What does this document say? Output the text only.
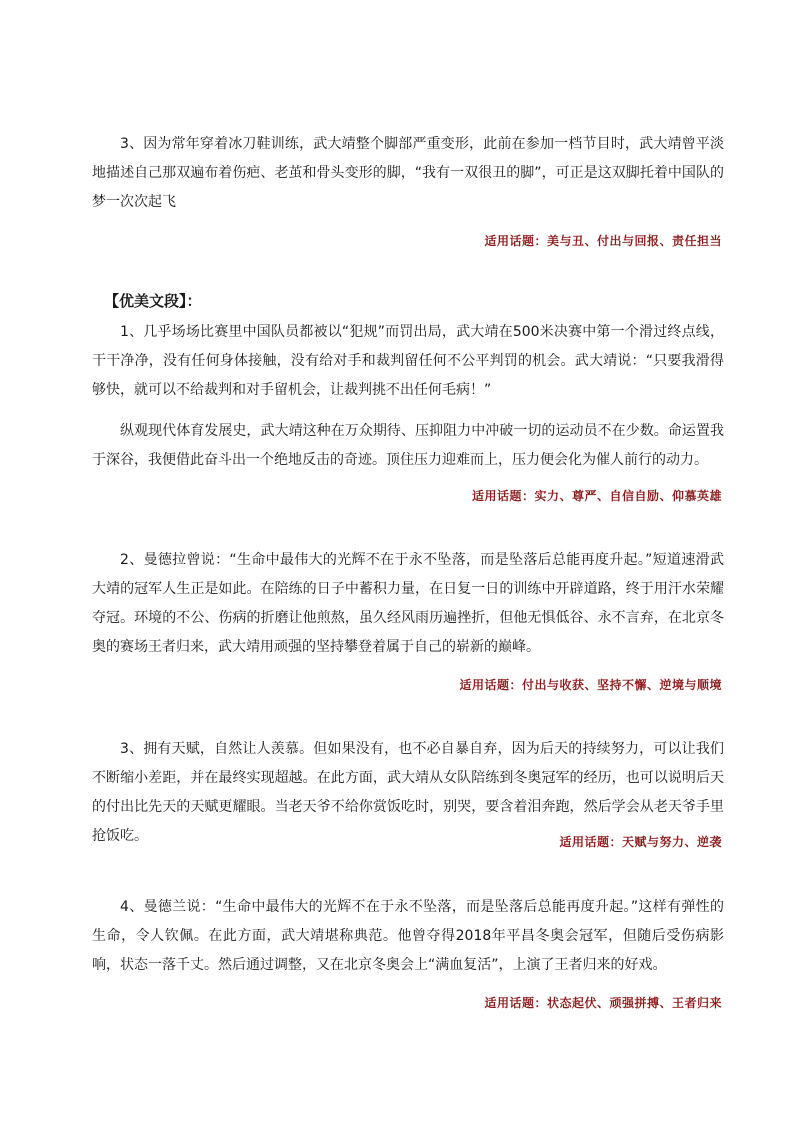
3、因为常年穿着冰刀鞋训练，武大靖整个脚部严重变形，此前在参加一档节目时，武大靖曾平淡地描述自己那双遍布着伤疤、老茧和骨头变形的脚，“我有一双很丑的脚”，可正是这双脚托着中国队的梦一次次起飞

适用话题：美与丑、付出与回报、责任担当
【优美文段】：

1、几乎场场比赛里中国队员都被以“犯规”而罚出局，武大靖在500米决赛中第一个滑过终点线，干干净净，没有任何身体接触，没有给对手和裁判留任何不公平判罚的机会。武大靖说：“只要我滑得够快，就可以不给裁判和对手留机会，让裁判挑不出任何毛病！”

纵观现代体育发展史，武大靖这种在万众期待、压抑阻力中冲破一切的运动员不在少数。命运置我于深谷，我便借此奋斗出一个绝地反击的奇迹。顶住压力迎难而上，压力便会化为催人前行的动力。

适用话题：实力、尊严、自信自励、仰慕英雄

2、曼德拉曾说：“生命中最伟大的光辉不在于永不坠落，而是坠落后总能再度升起。”短道速滑武大靖的冠军人生正是如此。在陪练的日子中蓄积力量，在日复一日的训练中开辟道路，终于用汗水荣耀夺冠。环境的不公、伤病的折磨让他煎熬，虽久经风雨历遍挫折，但他无惧低谷、永不言弃，在北京冬奥的赛场王者归来，武大靖用顽强的坚持攀登着属于自己的崭新的巅峰。

适用话题：付出与收获、坚持不懈、逆境与顺境

3、拥有天赋，自然让人羡慕。但如果没有，也不必自暴自弃，因为后天的持续努力，可以让我们不断缩小差距，并在最终实现超越。在此方面，武大靖从女队陪练到冬奥冠军的经历，也可以说明后天的付出比先天的天赋更耀眼。当老天爷不给你赏饭吃时，别哭，要含着泪奔跑，然后学会从老天爷手里抢饭吃。	适用话题：天赋与努力、逆袭

4、曼德兰说：“生命中最伟大的光辉不在于永不坠落，而是坠落后总能再度升起。”这样有弹性的生命，令人钦佩。在此方面，武大靖堪称典范。他曾夺得2018年平昌冬奥会冠军，但随后受伤病影响，状态一落千丈。然后通过调整，又在北京冬奥会上“满血复活”，上演了王者归来的好戏。

适用话题：状态起伏、顽强拼搏、王者归来
